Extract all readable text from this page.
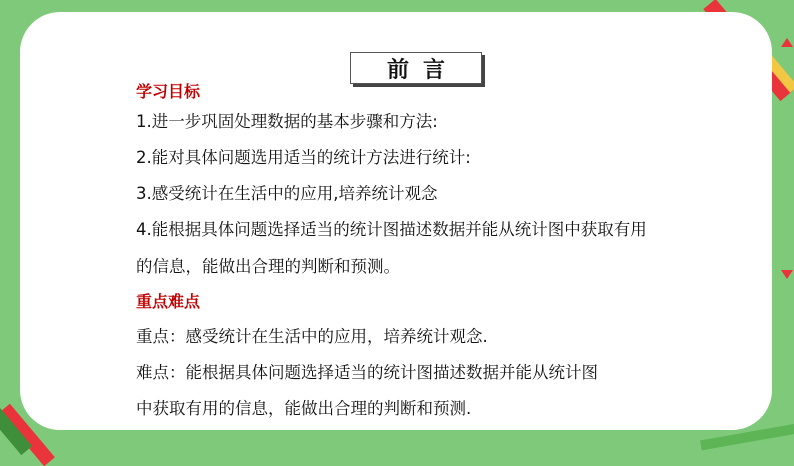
前言
学习目标
1.进一步巩固处理数据的基本步骤和方法:
2.能对具体问题选用适当的统计方法进行统计:
3.感受统计在生活中的应用,培养统计观念
4.能根据具体问题选择适当的统计图描述数据并能从统计图中获取有用
的信息，能做出合理的判断和预测。
重点难点
重点：感受统计在生活中的应用，培养统计观念.
难点：能根据具体问题选择适当的统计图描述数据并能从统计图
中获取有用的信息，能做出合理的判断和预测.
